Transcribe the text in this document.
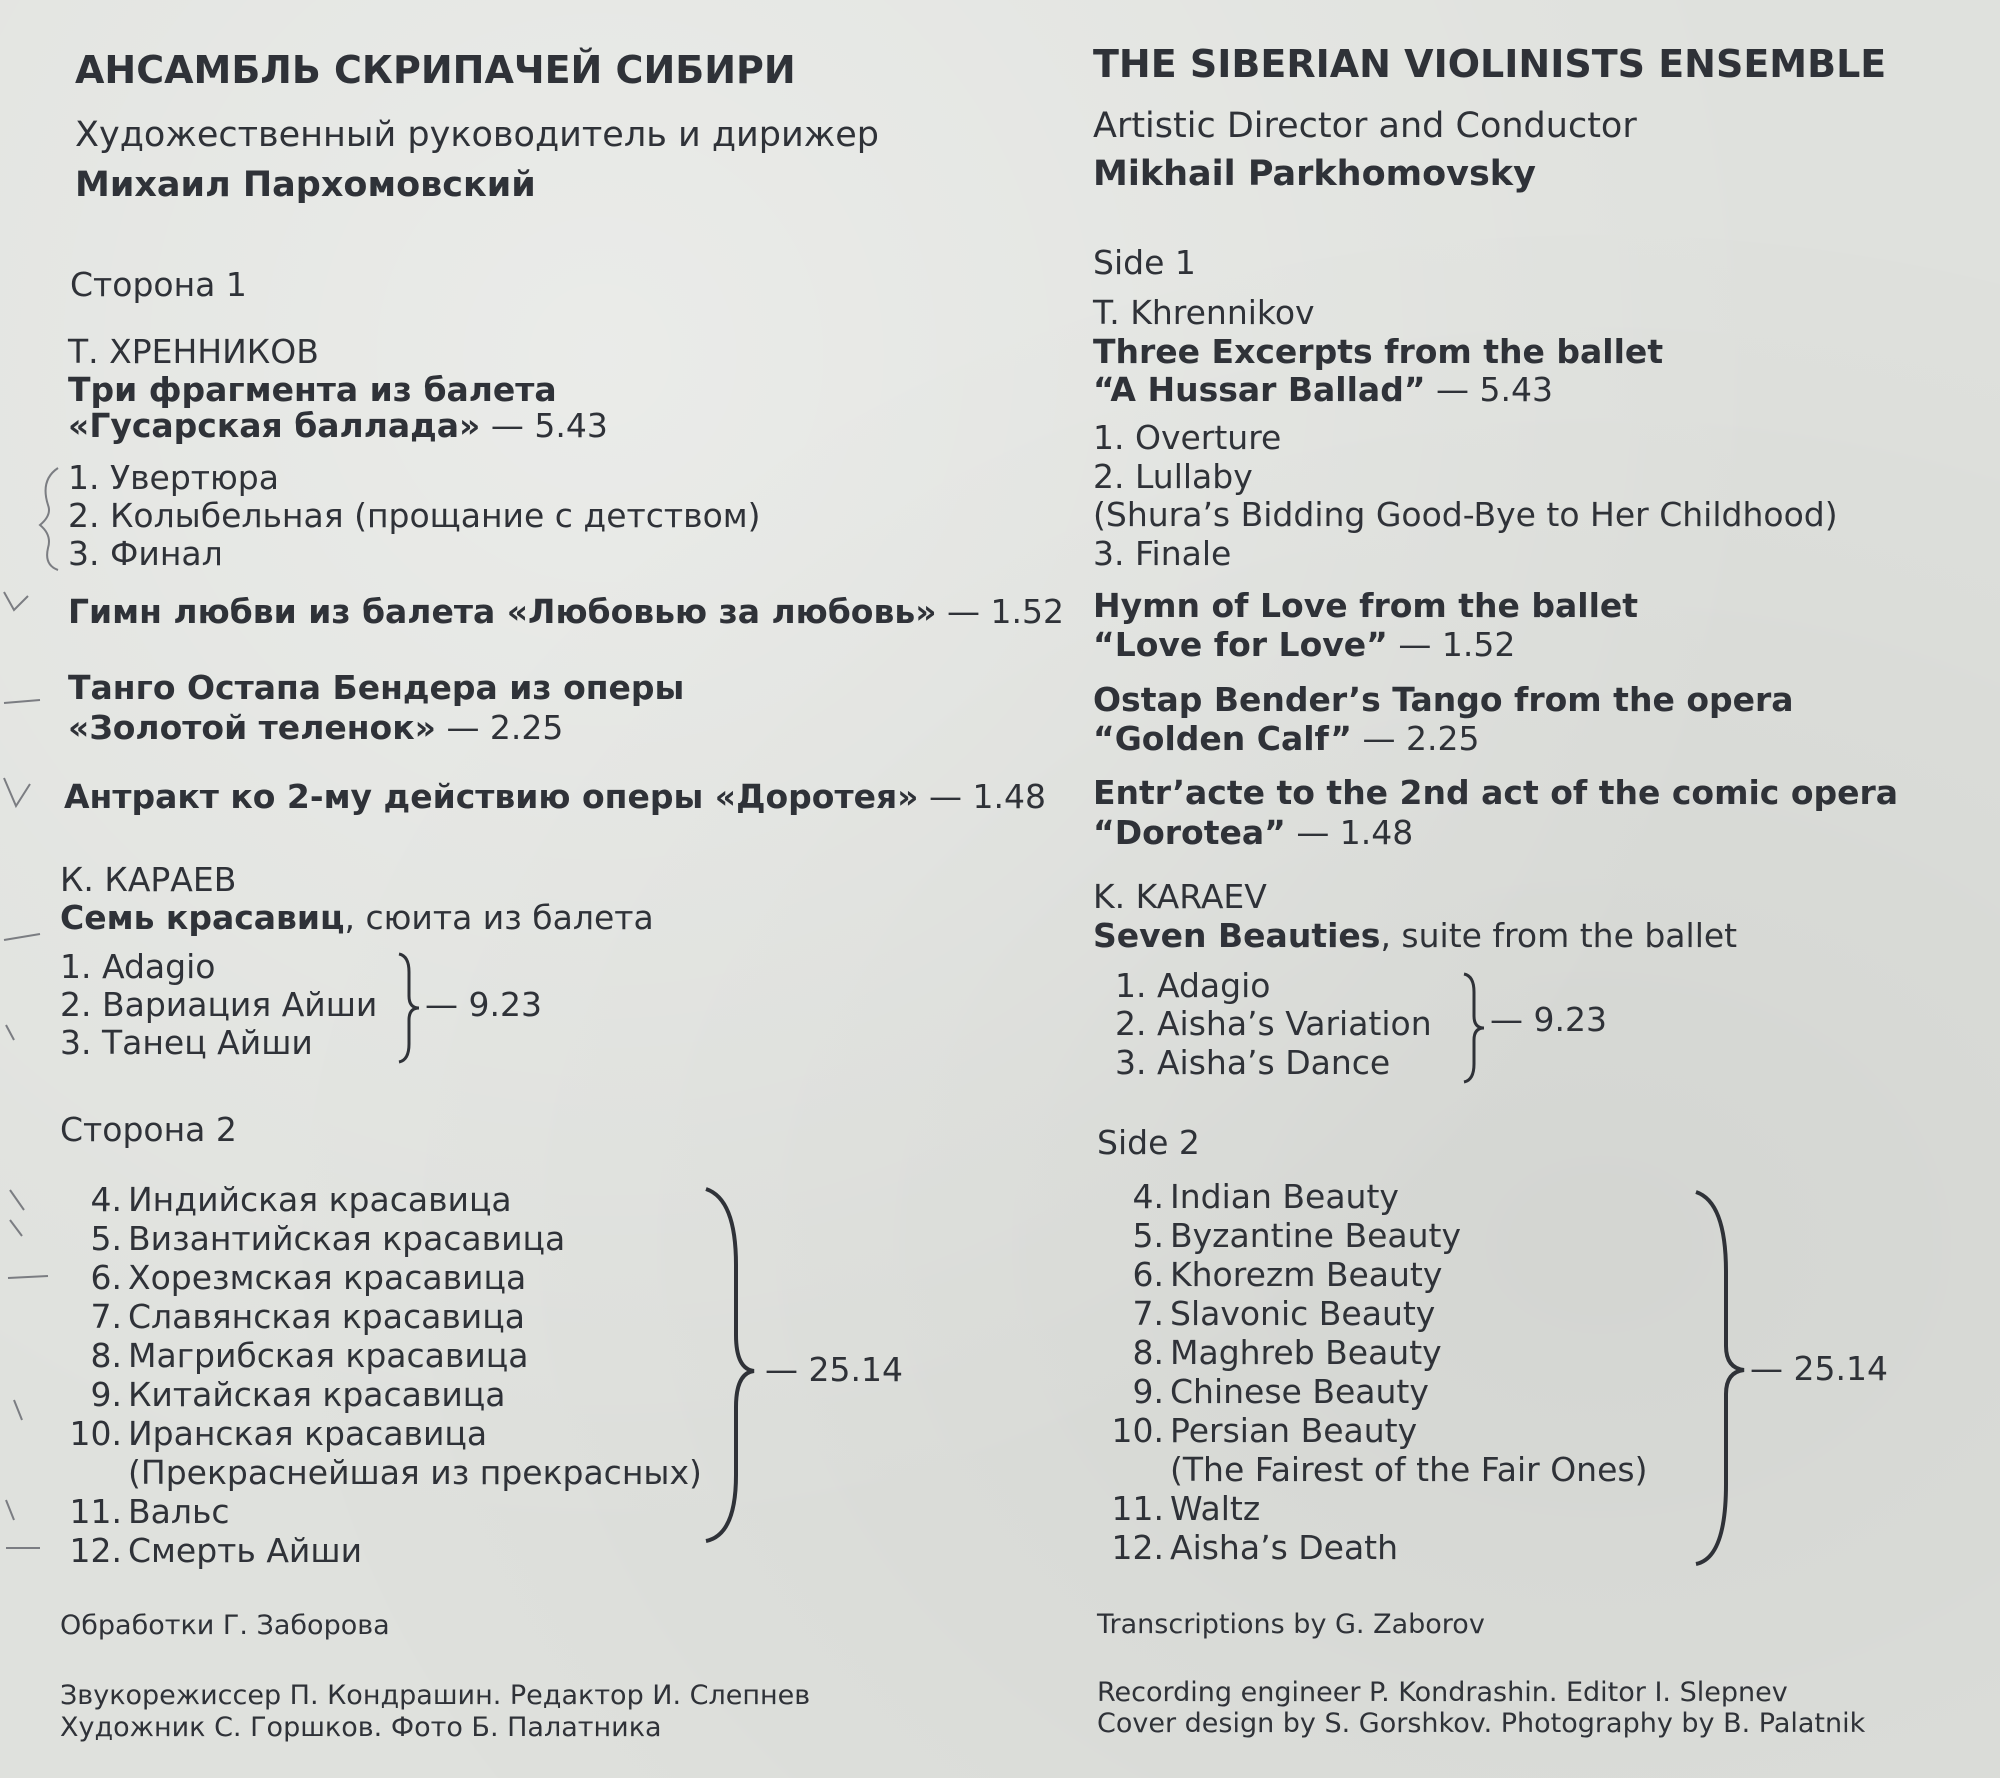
АНСАМБЛЬ СКРИПАЧЕЙ СИБИРИ
Художественный руководитель и дирижер
Михаил Пархомовский
Сторона 1
Т. ХРЕННИКОВ
Три фрагмента из балета
«Гусарская баллада» — 5.43
1. Увертюра
2. Колыбельная (прощание с детством)
3. Финал
Гимн любви из балета «Любовью за любовь» — 1.52
Танго Остапа Бендера из оперы
«Золотой теленок» — 2.25
Антракт ко 2-му действию оперы «Доротея» — 1.48
К. КАРАЕВ
Семь красавиц, сюита из балета
1. Adagio
2. Вариация Айши
3. Танец Айши
— 9.23
Сторона 2
4. Индийская красавица
5. Византийская красавица
6. Хорезмская красавица
7. Славянская красавица
8. Магрибская красавица
9. Китайская красавица
10. Иранская красавица
(Прекраснейшая из прекрасных)
11. Вальс
12. Смерть Айши
— 25.14
Обработки Г. Заборова
Звукорежиссер П. Кондрашин. Редактор И. Слепнев
Художник С. Горшков. Фото Б. Палатника
THE SIBERIAN VIOLINISTS ENSEMBLE
Artistic Director and Conductor
Mikhail Parkhomovsky
Side 1
T. Khrennikov
Three Excerpts from the ballet
“A Hussar Ballad” — 5.43
1. Overture
2. Lullaby
(Shura’s Bidding Good-Bye to Her Childhood)
3. Finale
Hymn of Love from the ballet
“Love for Love” — 1.52
Ostap Bender’s Tango from the opera
“Golden Calf” — 2.25
Entr’acte to the 2nd act of the comic opera
“Dorotea” — 1.48
K. KARAEV
Seven Beauties, suite from the ballet
1. Adagio
2. Aisha’s Variation
3. Aisha’s Dance
— 9.23
Side 2
4. Indian Beauty
5. Byzantine Beauty
6. Khorezm Beauty
7. Slavonic Beauty
8. Maghreb Beauty
9. Chinese Beauty
10. Persian Beauty
(The Fairest of the Fair Ones)
11. Waltz
12. Aisha’s Death
— 25.14
Transcriptions by G. Zaborov
Recording engineer P. Kondrashin. Editor I. Slepnev
Cover design by S. Gorshkov. Photography by B. Palatnik
